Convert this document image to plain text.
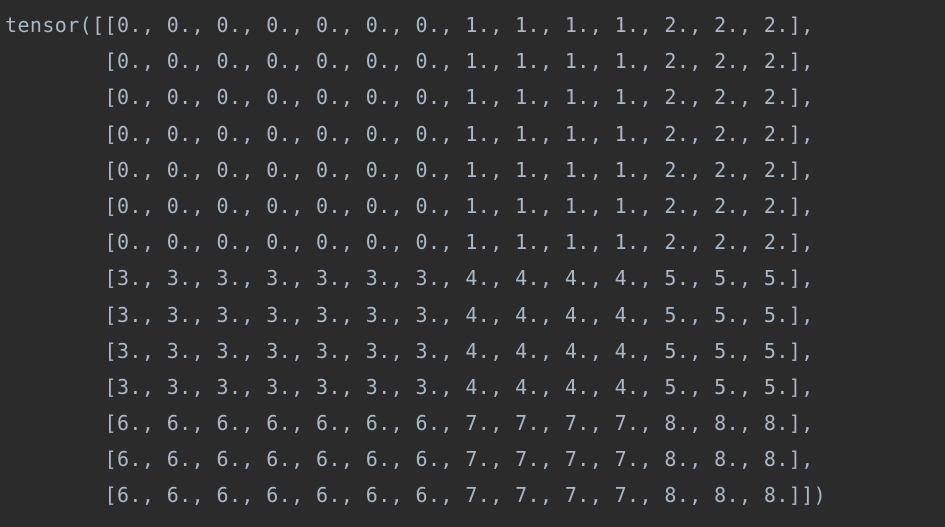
tensor([[0., 0., 0., 0., 0., 0., 0., 1., 1., 1., 1., 2., 2., 2.],
[0., 0., 0., 0., 0., 0., 0., 1., 1., 1., 1., 2., 2., 2.],
[0., 0., 0., 0., 0., 0., 0., 1., 1., 1., 1., 2., 2., 2.],
[0., 0., 0., 0., 0., 0., 0., 1., 1., 1., 1., 2., 2., 2.],
[0., 0., 0., 0., 0., 0., 0., 1., 1., 1., 1., 2., 2., 2.],
[0., 0., 0., 0., 0., 0., 0., 1., 1., 1., 1., 2., 2., 2.],
[0., 0., 0., 0., 0., 0., 0., 1., 1., 1., 1., 2., 2., 2.],
[3., 3., 3., 3., 3., 3., 3., 4., 4., 4., 4., 5., 5., 5.],
[3., 3., 3., 3., 3., 3., 3., 4., 4., 4., 4., 5., 5., 5.],
[3., 3., 3., 3., 3., 3., 3., 4., 4., 4., 4., 5., 5., 5.],
[3., 3., 3., 3., 3., 3., 3., 4., 4., 4., 4., 5., 5., 5.],
[6., 6., 6., 6., 6., 6., 6., 7., 7., 7., 7., 8., 8., 8.],
[6., 6., 6., 6., 6., 6., 6., 7., 7., 7., 7., 8., 8., 8.],
[6., 6., 6., 6., 6., 6., 6., 7., 7., 7., 7., 8., 8., 8.]])
